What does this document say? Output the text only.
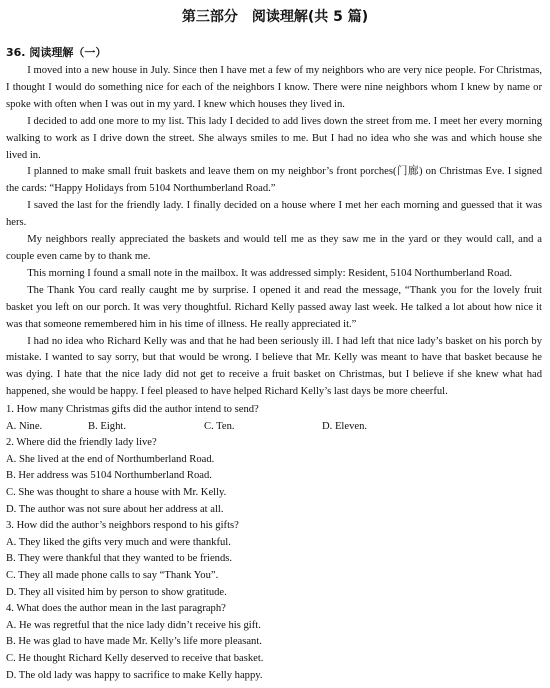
第三部分　阅读理解(共 5 篇)
36. 阅读理解（一）

I moved into a new house in July. Since then I have met a few of my neighbors who are very nice people. For Christmas, I thought I would do something nice for each of the neighbors I know. There were nine neighbors whom I knew by name or spoke with often when I was out in my yard. I knew which houses they lived in.

I decided to add one more to my list. This lady I decided to add lives down the street from me. I meet her every morning walking to work as I drive down the street. She always smiles to me. But I had no idea who she was and which house she lived in.

I planned to make small fruit baskets and leave them on my neighbor’s front porches(门廊) on Christmas Eve. I signed the cards: “Happy Holidays from 5104 Northumberland Road.”

I saved the last for the friendly lady. I finally decided on a house where I met her each morning and guessed that it was hers.

My neighbors really appreciated the baskets and would tell me as they saw me in the yard or they would call, and a couple even came by to thank me.

This morning I found a small note in the mailbox. It was addressed simply: Resident, 5104 Northumberland Road.

The Thank You card really caught me by surprise. I opened it and read the message, “Thank you for the lovely fruit basket you left on our porch. It was very thoughtful. Richard Kelly passed away last week. He talked a lot about how nice it was that someone remembered him in his time of illness. He really appreciated it.”

I had no idea who Richard Kelly was and that he had been seriously ill. I had left that nice lady’s basket on his porch by mistake. I wanted to say sorry, but that would be wrong. I believe that Mr. Kelly was meant to have that basket because he was dying. I hate that the nice lady did not get to receive a fruit basket on Christmas, but I believe if she knew what had happened, she would be happy. I feel pleased to have helped Richard Kelly’s last days be more cheerful.

1. How many Christmas gifts did the author intend to send?

A. Nine.	B. Eight.	C. Ten.	D. Eleven.

2. Where did the friendly lady live?

A. She lived at the end of Northumberland Road.

B. Her address was 5104 Northumberland Road.

C. She was thought to share a house with Mr. Kelly.

D. The author was not sure about her address at all.

3. How did the author’s neighbors respond to his gifts?

A. They liked the gifts very much and were thankful.

B. They were thankful that they wanted to be friends.

C. They all made phone calls to say “Thank You”.

D. They all visited him by person to show gratitude.

4. What does the author mean in the last paragraph?

A. He was regretful that the nice lady didn’t receive his gift.

B. He was glad to have made Mr. Kelly’s life more pleasant.

C. He thought Richard Kelly deserved to receive that basket.

D. The old lady was happy to sacrifice to make Kelly happy.
